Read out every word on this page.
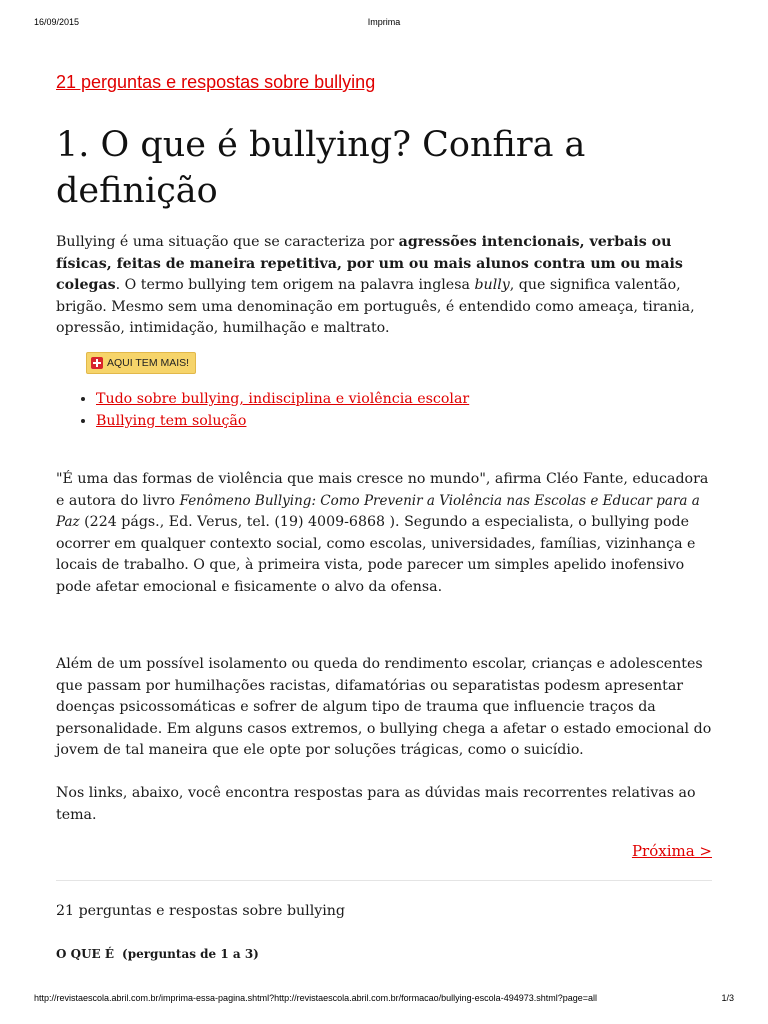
16/09/2015	Imprima
21 perguntas e respostas sobre bullying
1. O que é bullying? Confira a definição

Bullying é uma situação que se caracteriza por agressões intencionais, verbais ou físicas, feitas de maneira repetitiva, por um ou mais alunos contra um ou mais colegas. O termo bullying tem origem na palavra inglesa bully, que significa valentão, brigão. Mesmo sem uma denominação em português, é entendido como ameaça, tirania, opressão, intimidação, humilhação e maltrato.

AQUI TEM MAIS!
• Tudo sobre bullying, indisciplina e violência escolar
• Bullying tem solução

"É uma das formas de violência que mais cresce no mundo", afirma Cléo Fante, educadora e autora do livro Fenômeno Bullying: Como Prevenir a Violência nas Escolas e Educar para a Paz (224 págs., Ed. Verus, tel. (19) 4009-6868 ). Segundo a especialista, o bullying pode ocorrer em qualquer contexto social, como escolas, universidades, famílias, vizinhança e locais de trabalho. O que, à primeira vista, pode parecer um simples apelido inofensivo pode afetar emocional e fisicamente o alvo da ofensa.

Além de um possível isolamento ou queda do rendimento escolar, crianças e adolescentes que passam por humilhações racistas, difamatórias ou separatistas podesm apresentar doenças psicossomáticas e sofrer de algum tipo de trauma que influencie traços da personalidade. Em alguns casos extremos, o bullying chega a afetar o estado emocional do jovem de tal maneira que ele opte por soluções trágicas, como o suicídio.

Nos links, abaixo, você encontra respostas para as dúvidas mais recorrentes relativas ao tema.

Próxima >
21 perguntas e respostas sobre bullying
O QUE É (perguntas de 1 a 3)
http://revistaescola.abril.com.br/imprima-essa-pagina.shtml?http://revistaescola.abril.com.br/formacao/bullying-escola-494973.shtml?page=all	1/3
